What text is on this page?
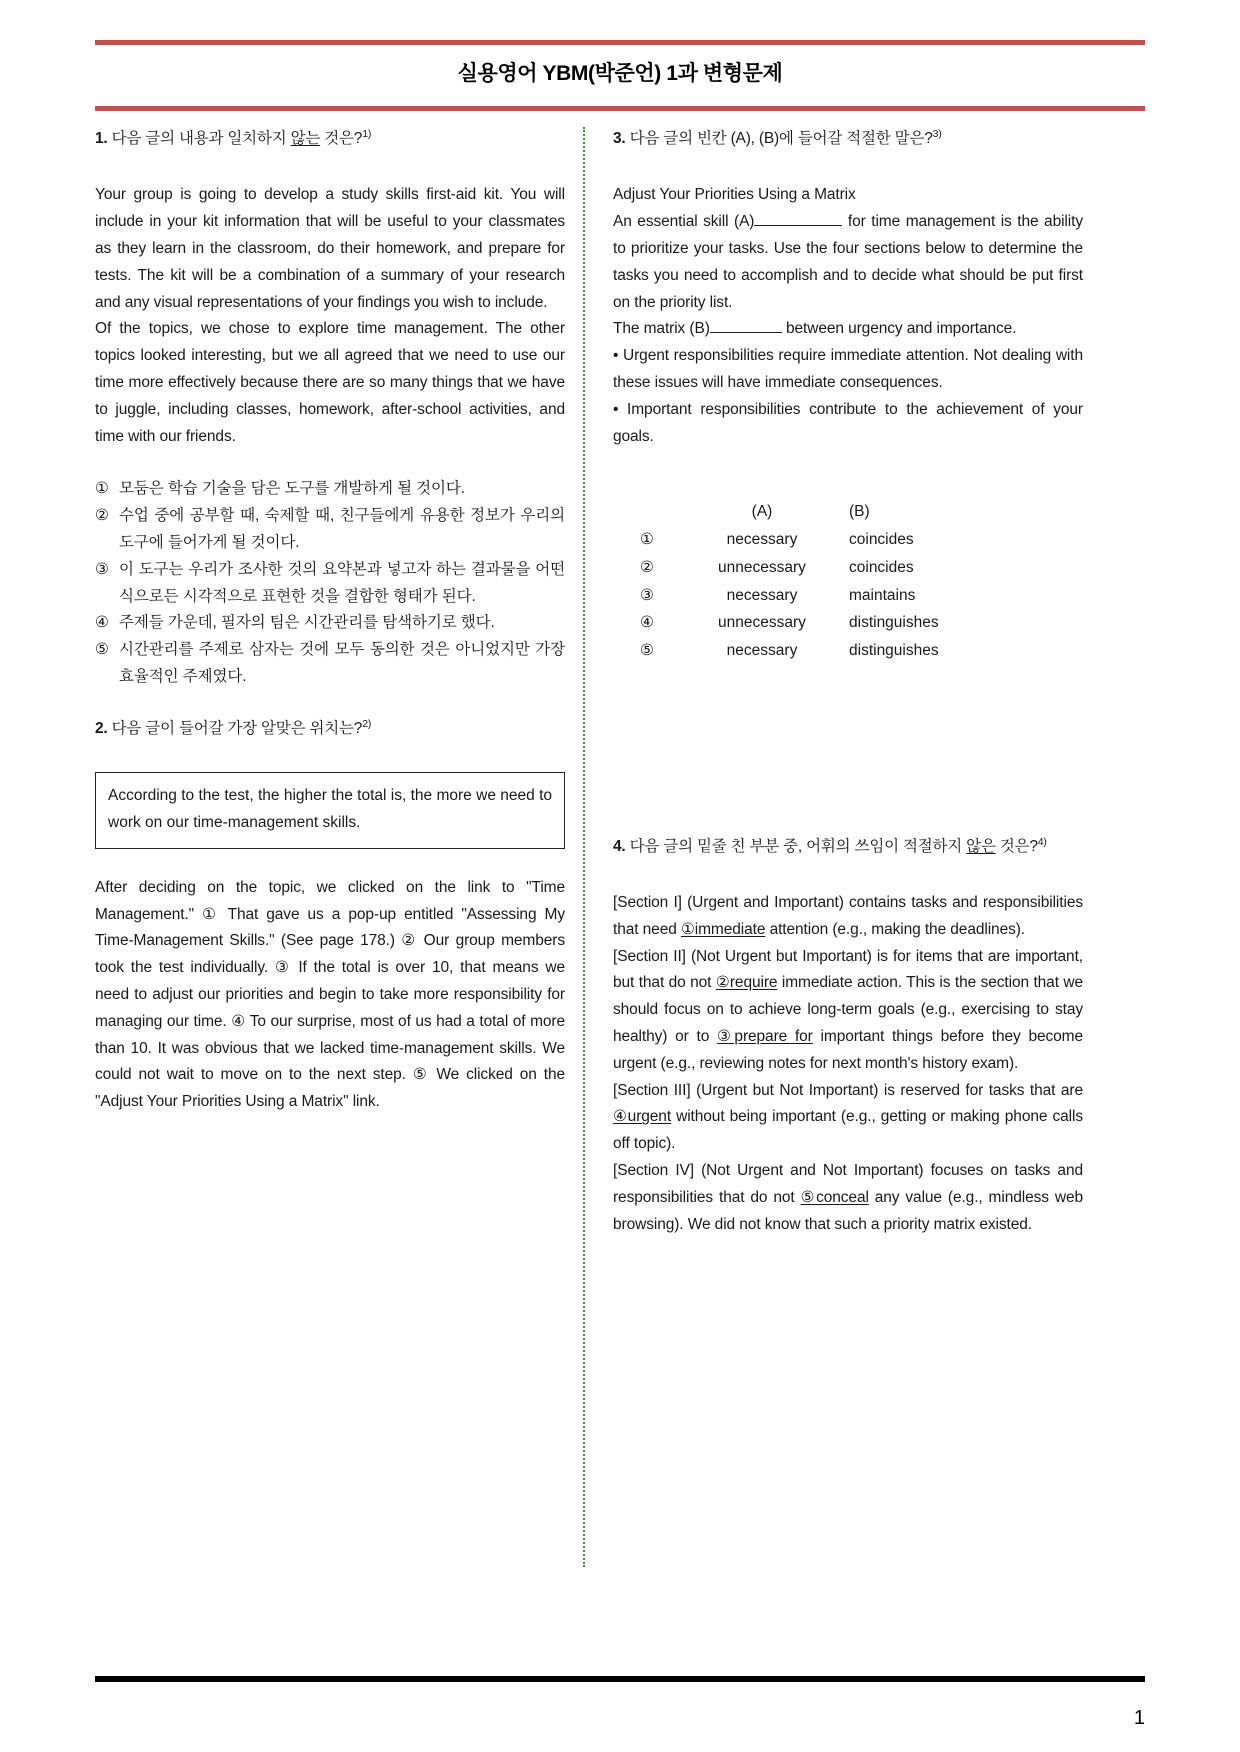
실용영어 YBM(박준언) 1과 변형문제
1. 다음 글의 내용과 일치하지 않는 것은?$^{1)}$

Your group is going to develop a study skills first-aid kit. You will include in your kit information that will be useful to your classmates as they learn in the classroom, do their homework, and prepare for tests. The kit will be a combination of a summary of your research and any visual representations of your findings you wish to include.

Of the topics, we chose to explore time management. The other topics looked interesting, but we all agreed that we need to use our time more effectively because there are so many things that we have to juggle, including classes, homework, after-school activities, and time with our friends.

① 모둠은 학습 기술을 담은 도구를 개발하게 될 것이다.
② 수업 중에 공부할 때, 숙제할 때, 친구들에게 유용한 정보가 우리의 도구에 들어가게 될 것이다.
③ 이 도구는 우리가 조사한 것의 요약본과 넣고자 하는 결과물을 어떤 식으로든 시각적으로 표현한 것을 결합한 형태가 된다.
④ 주제들 가운데, 필자의 팀은 시간관리를 탐색하기로 했다.
⑤ 시간관리를 주제로 삼자는 것에 모두 동의한 것은 아니었지만 가장 효율적인 주제였다.
2. 다음 글이 들어갈 가장 알맞은 위치는?$^{2)}$
According to the test, the higher the total is, the more we need to work on our time-management skills.

After deciding on the topic, we clicked on the link to "Time Management." ① That gave us a pop-up entitled "Assessing My Time-Management Skills." (See page 178.) ② Our group members took the test individually. ③ If the total is over 10, that means we need to adjust our priorities and begin to take more responsibility for managing our time. ④ To our surprise, most of us had a total of more than 10. It was obvious that we lacked time-management skills. We could not wait to move on to the next step. ⑤ We clicked on the "Adjust Your Priorities Using a Matrix" link.

3. 다음 글의 빈칸 (A), (B)에 들어갈 적절한 말은?$^{3)}$

Adjust Your Priorities Using a Matrix

An essential skill (A)	for time management is the ability to prioritize your tasks. Use the four sections below to determine the tasks you need to accomplish and to decide what should be put first on the priority list.

The matrix (B)	between urgency and importance.

• Urgent responsibilities require immediate attention. Not dealing with these issues will have immediate consequences.

• Important responsibilities contribute to the achievement of your goals.

	(A)	(B)
①	necessary	coincides
②	unnecessary	coincides
③	necessary	maintains
④	unnecessary	distinguishes
⑤	necessary	distinguishes
4. 다음 글의 밑줄 친 부분 중, 어휘의 쓰임이 적절하지 않은 것은?$^{4)}$

[Section I] (Urgent and Important) contains tasks and responsibilities that need ①immediate attention (e.g., making the deadlines).

[Section II] (Not Urgent but Important) is for items that are important, but that do not ②require immediate action. This is the section that we should focus on to achieve long-term goals (e.g., exercising to stay healthy) or to ③prepare for important things before they become urgent (e.g., reviewing notes for next month's history exam).

[Section III] (Urgent but Not Important) is reserved for tasks that are ④urgent without being important (e.g., getting or making phone calls off topic).

[Section IV] (Not Urgent and Not Important) focuses on tasks and responsibilities that do not ⑤conceal any value (e.g., mindless web browsing). We did not know that such a priority matrix existed.

1
